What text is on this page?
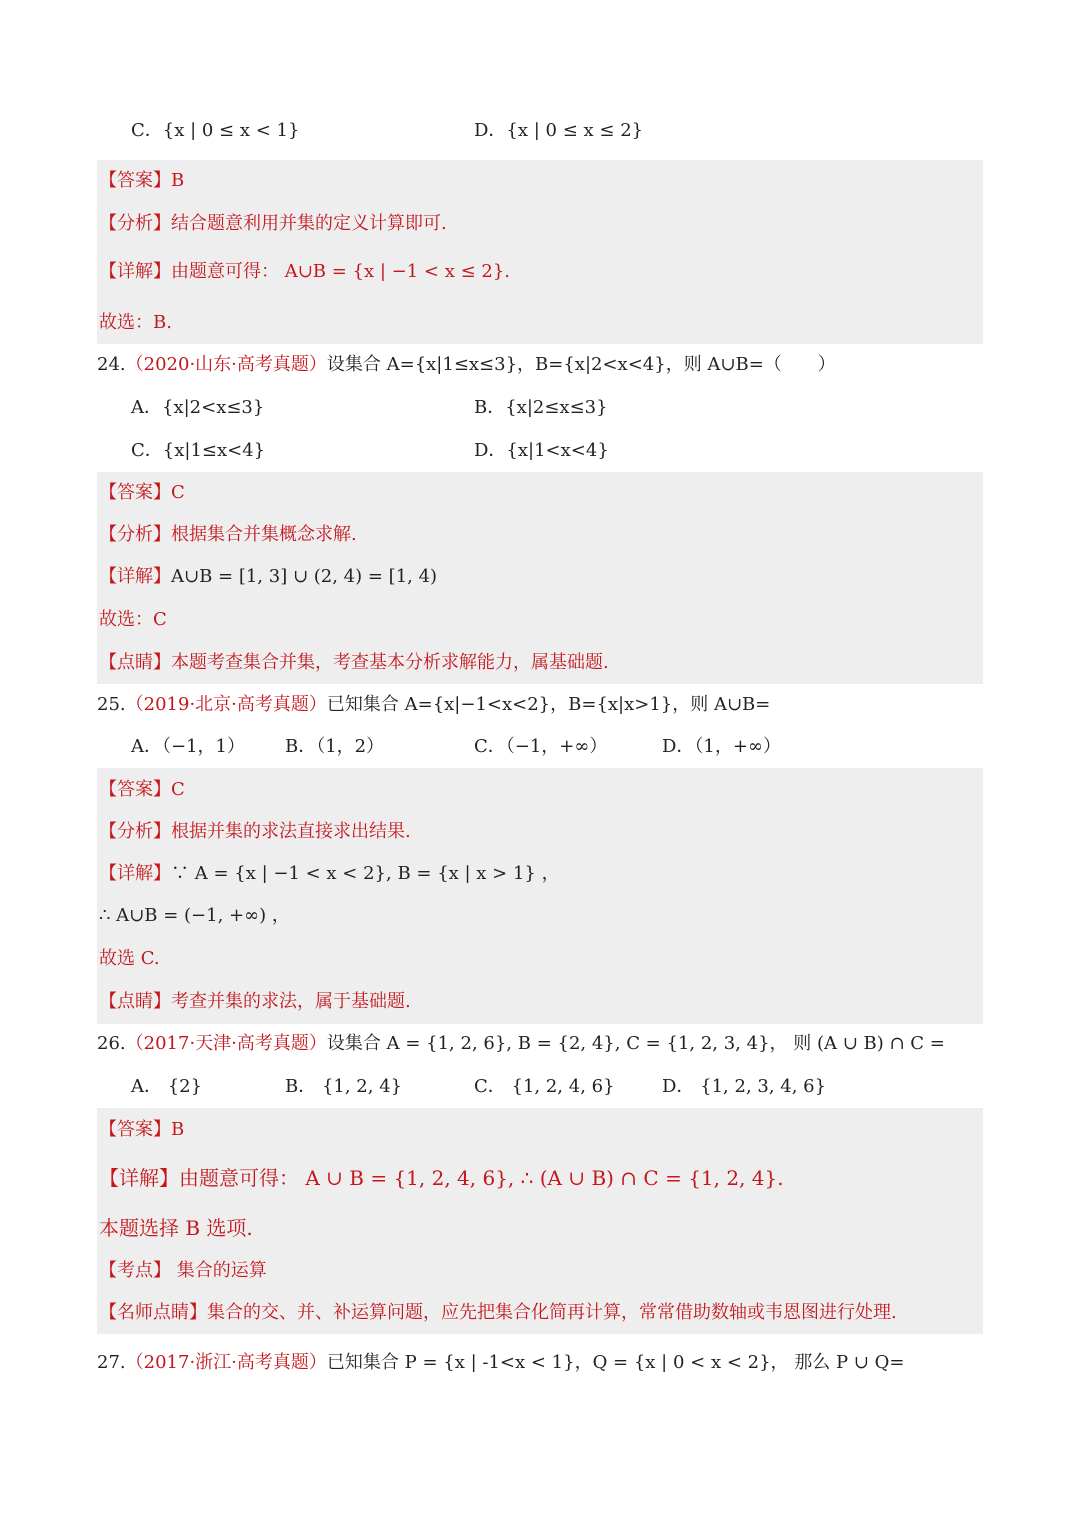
C．{x | 0 ≤ x < 1}	D．{x | 0 ≤ x ≤ 2}
【答案】B
【分析】结合题意利用并集的定义计算即可.
【详解】由题意可得： A∪B = {x | −1 < x ≤ 2}.
故选：B.
24.（2020·山东·高考真题）设集合 A={x|1≤x≤3}，B={x|2<x<4}，则 A∪B=（　　）
A．{x|2<x≤3}	B．{x|2≤x≤3}
C．{x|1≤x<4}	D．{x|1<x<4}
【答案】C
【分析】根据集合并集概念求解.
【详解】A∪B = [1, 3] ∪ (2, 4) = [1, 4)
故选：C
【点睛】本题考查集合并集，考查基本分析求解能力，属基础题.
25.（2019·北京·高考真题）已知集合 A={x|−1<x<2}，B={x|x>1}，则 A∪B=
A．（−1，1） B．（1，2）	C．（−1，+∞）	D．（1，+∞）
【答案】C
【分析】根据并集的求法直接求出结果.
【详解】∵ A = {x | −1 < x < 2}, B = {x | x > 1} ，
∴ A∪B = (−1, +∞) ，
故选 C.
【点睛】考查并集的求法，属于基础题.
26.（2017·天津·高考真题）设集合 A = {1, 2, 6}, B = {2, 4}, C = {1, 2, 3, 4}， 则 (A ∪ B) ∩ C =
A． {2}	B． {1, 2, 4}	C． {1, 2, 4, 6}	D． {1, 2, 3, 4, 6}
【答案】B
【详解】由题意可得： A ∪ B = {1, 2, 4, 6}, ∴ (A ∪ B) ∩ C = {1, 2, 4}.
本题选择 B 选项.
【考点】 集合的运算
【名师点睛】集合的交、并、补运算问题，应先把集合化简再计算，常常借助数轴或韦恩图进行处理.
27.（2017·浙江·高考真题）已知集合 P = {x | -1<x < 1}，Q = {x | 0 < x < 2}， 那么 P ∪ Q=
